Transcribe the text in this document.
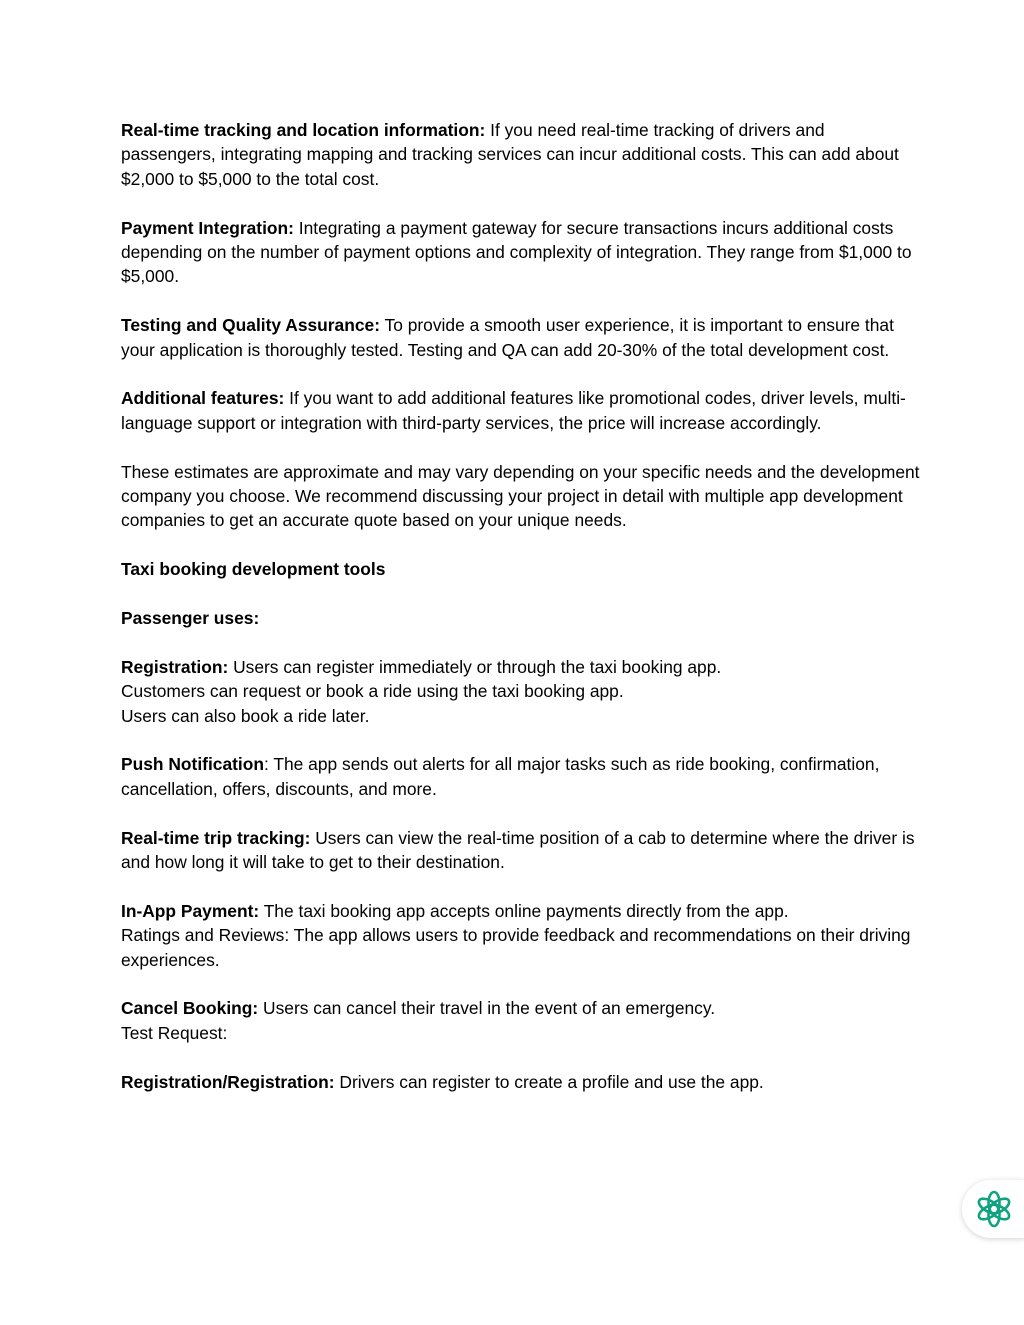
Real-time tracking and location information: If you need real-time tracking of drivers and passengers, integrating mapping and tracking services can incur additional costs. This can add about $2,000 to $5,000 to the total cost.

Payment Integration: Integrating a payment gateway for secure transactions incurs additional costs depending on the number of payment options and complexity of integration. They range from $1,000 to $5,000.

Testing and Quality Assurance: To provide a smooth user experience, it is important to ensure that your application is thoroughly tested. Testing and QA can add 20-30% of the total development cost.

Additional features: If you want to add additional features like promotional codes, driver levels, multi-language support or integration with third-party services, the price will increase accordingly.

These estimates are approximate and may vary depending on your specific needs and the development company you choose. We recommend discussing your project in detail with multiple app development companies to get an accurate quote based on your unique needs.

Taxi booking development tools

Passenger uses:

Registration: Users can register immediately or through the taxi booking app.
Customers can request or book a ride using the taxi booking app.
Users can also book a ride later.

Push Notification: The app sends out alerts for all major tasks such as ride booking, confirmation, cancellation, offers, discounts, and more.

Real-time trip tracking: Users can view the real-time position of a cab to determine where the driver is and how long it will take to get to their destination.

In-App Payment: The taxi booking app accepts online payments directly from the app.
Ratings and Reviews: The app allows users to provide feedback and recommendations on their driving experiences.

Cancel Booking: Users can cancel their travel in the event of an emergency.
Test Request:

Registration/Registration: Drivers can register to create a profile and use the app.
